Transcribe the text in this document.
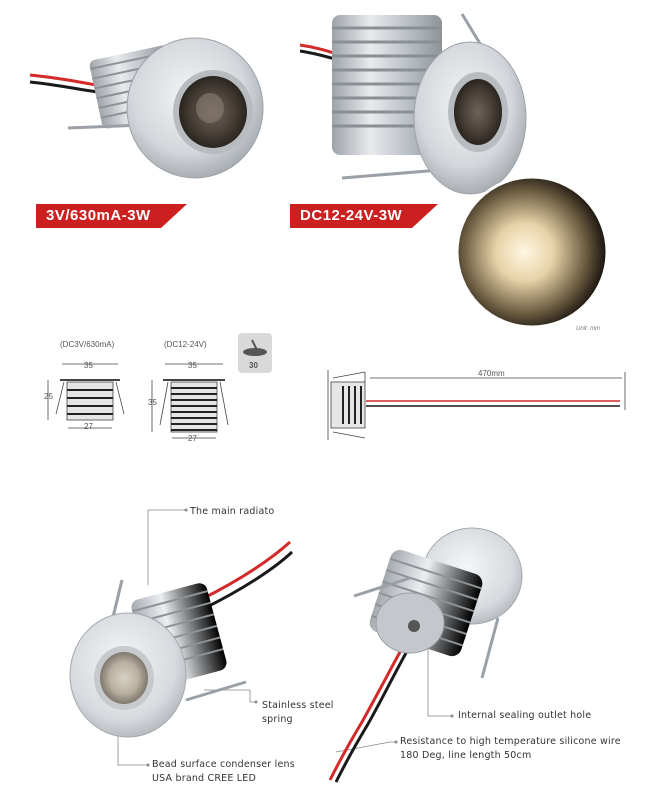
3V/630mA-3W	DC12-24V-3W
Unit: mm
(DC3V/630mA)	(DC12-24V)
35
25
27
35
35
27
30
470mm
The main radiato
Stainless steel
spring
Bead surface condenser lens
USA brand CREE LED
Internal sealing outlet hole
Resistance to high temperature silicone wire
180 Deg, line length 50cm
